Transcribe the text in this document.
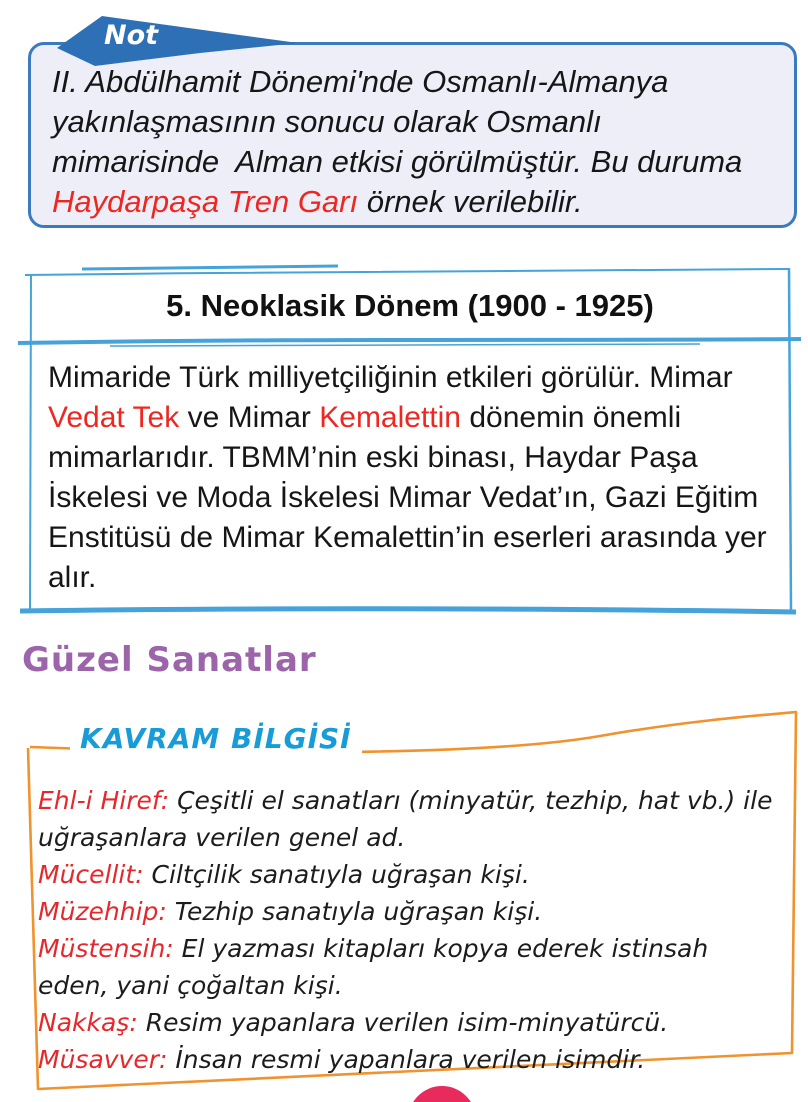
II. Abdülhamit Dönemi'nde Osmanlı-Almanya yakınlaşmasının sonucu olarak Osmanlı mimarisinde  Alman etkisi görülmüştür. Bu duruma Haydarpaşa Tren Garı örnek verilebilir.
Not
5. Neoklasik Dönem (1900 - 1925)
Mimaride Türk milliyetçiliğinin etkileri görülür. Mimar Vedat Tek ve Mimar Kemalettin dönemin önemli mimarlarıdır. TBMM’nin eski binası, Haydar Paşa İskelesi ve Moda İskelesi Mimar Vedat’ın, Gazi Eğitim Enstitüsü de Mimar Kemalettin’in eserleri arasında yer alır.
Güzel Sanatlar
KAVRAM BİLGİSİ
Ehl-i Hiref: Çeşitli el sanatları (minyatür, tezhip, hat vb.) ile uğraşanlara verilen genel ad.
Mücellit: Ciltçilik sanatıyla uğraşan kişi.
Müzehhip: Tezhip sanatıyla uğraşan kişi.
Müstensih: El yazması kitapları kopya ederek istinsah eden, yani çoğaltan kişi.
Nakkaş: Resim yapanlara verilen isim-minyatürcü.
Müsavver: İnsan resmi yapanlara verilen isimdir.
